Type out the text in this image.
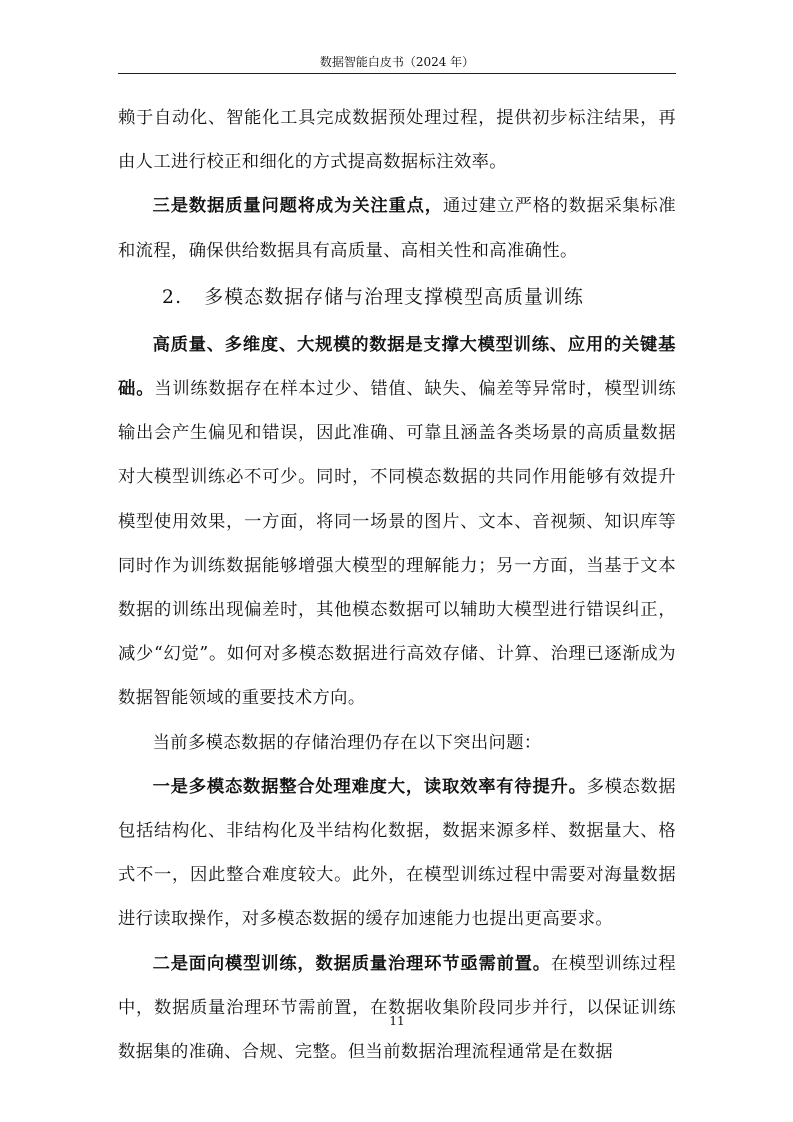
数据智能白皮书（2024 年）

赖于自动化、智能化工具完成数据预处理过程，提供初步标注结果，再由人工进行校正和细化的方式提高数据标注效率。

三是数据质量问题将成为关注重点，通过建立严格的数据采集标准和流程，确保供给数据具有高质量、高相关性和高准确性。

2. 多模态数据存储与治理支撑模型高质量训练

高质量、多维度、大规模的数据是支撑大模型训练、应用的关键基础。当训练数据存在样本过少、错值、缺失、偏差等异常时，模型训练输出会产生偏见和错误，因此准确、可靠且涵盖各类场景的高质量数据对大模型训练必不可少。同时，不同模态数据的共同作用能够有效提升模型使用效果，一方面，将同一场景的图片、文本、音视频、知识库等同时作为训练数据能够增强大模型的理解能力；另一方面，当基于文本数据的训练出现偏差时，其他模态数据可以辅助大模型进行错误纠正，减少“幻觉”。如何对多模态数据进行高效存储、计算、治理已逐渐成为数据智能领域的重要技术方向。

当前多模态数据的存储治理仍存在以下突出问题：

一是多模态数据整合处理难度大，读取效率有待提升。多模态数据包括结构化、非结构化及半结构化数据，数据来源多样、数据量大、格式不一，因此整合难度较大。此外，在模型训练过程中需要对海量数据进行读取操作，对多模态数据的缓存加速能力也提出更高要求。

二是面向模型训练，数据质量治理环节亟需前置。在模型训练过程中，数据质量治理环节需前置，在数据收集阶段同步并行，以保证训练数据集的准确、合规、完整。但当前数据治理流程通常是在数据

11
